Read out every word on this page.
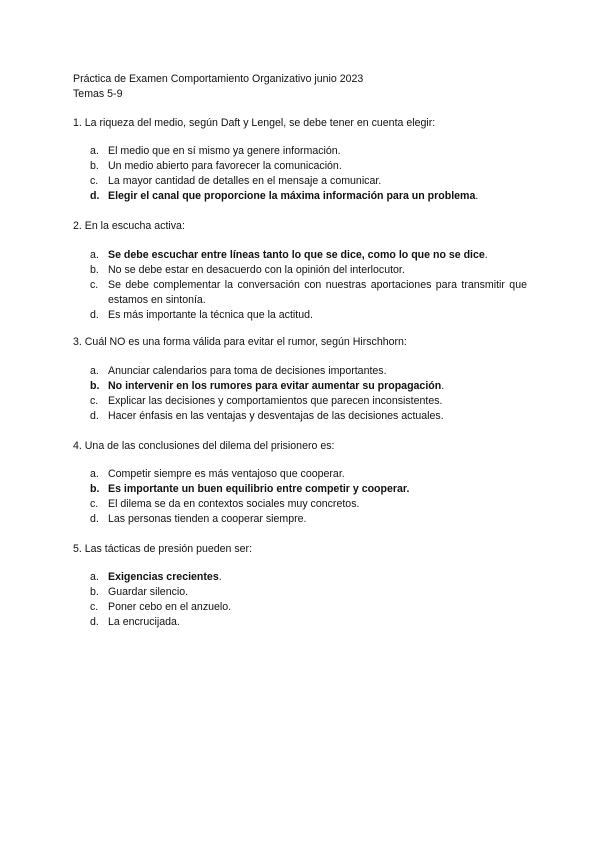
Práctica de Examen Comportamiento Organizativo junio 2023
Temas 5-9
1. La riqueza del medio, según Daft y Lengel, se debe tener en cuenta elegir:
a. El medio que en sí mismo ya genere información.
b. Un medio abierto para favorecer la comunicación.
c. La mayor cantidad de detalles en el mensaje a comunicar.
d. Elegir el canal que proporcione la máxima información para un problema.
2. En la escucha activa:
a. Se debe escuchar entre líneas tanto lo que se dice, como lo que no se dice.
b. No se debe estar en desacuerdo con la opinión del interlocutor.
c. Se debe complementar la conversación con nuestras aportaciones para transmitir que estamos en sintonía.
d. Es más importante la técnica que la actitud.
3. Cuál NO es una forma válida para evitar el rumor, según Hirschhorn:
a. Anunciar calendarios para toma de decisiones importantes.
b. No intervenir en los rumores para evitar aumentar su propagación.
c. Explicar las decisiones y comportamientos que parecen inconsistentes.
d. Hacer énfasis en las ventajas y desventajas de las decisiones actuales.
4. Una de las conclusiones del dilema del prisionero es:
a. Competir siempre es más ventajoso que cooperar.
b. Es importante un buen equilibrio entre competir y cooperar.
c. El dilema se da en contextos sociales muy concretos.
d. Las personas tienden a cooperar siempre.
5. Las tácticas de presión pueden ser:
a. Exigencias crecientes.
b. Guardar silencio.
c. Poner cebo en el anzuelo.
d. La encrucijada.
